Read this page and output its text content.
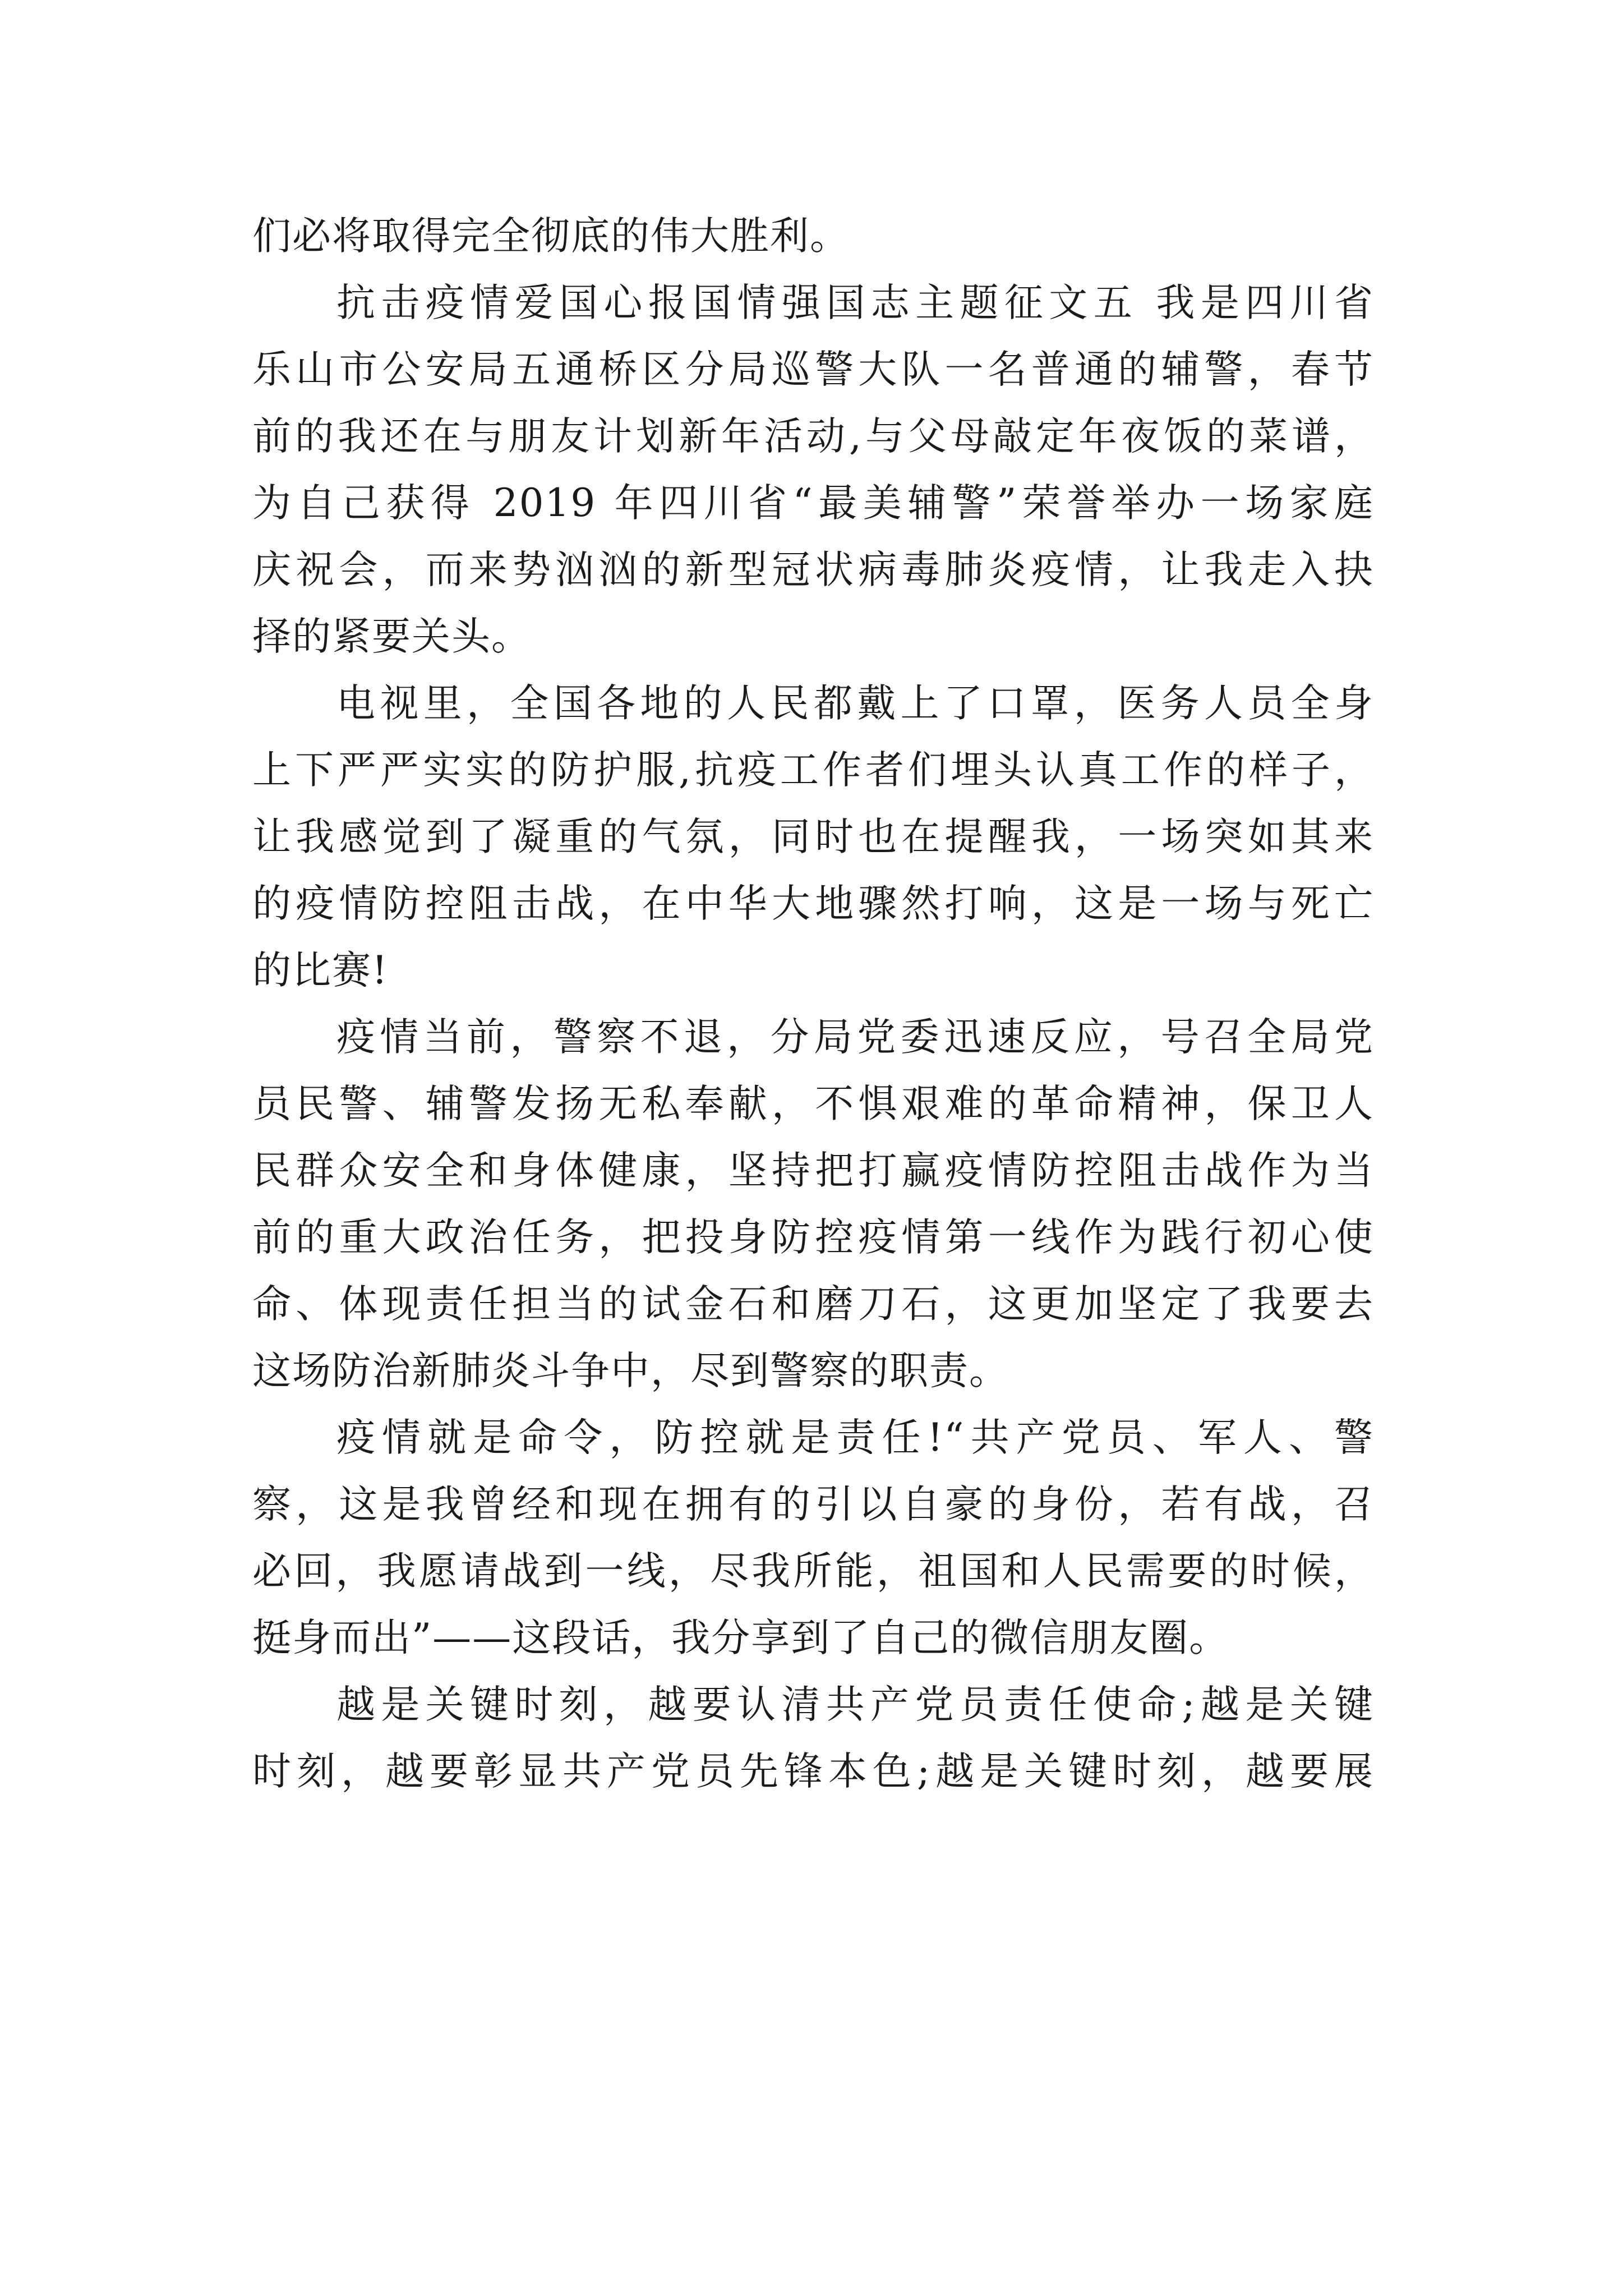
们必将取得完全彻底的伟大胜利。
抗击疫情爱国心报国情强国志主题征文五 我是四川省
乐山市公安局五通桥区分局巡警大队一名普通的辅警，春节
前的我还在与朋友计划新年活动,与父母敲定年夜饭的菜谱，
为自己获得 2019 年四川省“最美辅警”荣誉举办一场家庭
庆祝会，而来势汹汹的新型冠状病毒肺炎疫情，让我走入抉
择的紧要关头。
电视里，全国各地的人民都戴上了口罩，医务人员全身
上下严严实实的防护服,抗疫工作者们埋头认真工作的样子，
让我感觉到了凝重的气氛，同时也在提醒我，一场突如其来
的疫情防控阻击战，在中华大地骤然打响，这是一场与死亡
的比赛!
疫情当前，警察不退，分局党委迅速反应，号召全局党
员民警、辅警发扬无私奉献，不惧艰难的革命精神，保卫人
民群众安全和身体健康，坚持把打赢疫情防控阻击战作为当
前的重大政治任务，把投身防控疫情第一线作为践行初心使
命、体现责任担当的试金石和磨刀石，这更加坚定了我要去
这场防治新肺炎斗争中，尽到警察的职责。
疫情就是命令，防控就是责任!“共产党员、军人、警
察，这是我曾经和现在拥有的引以自豪的身份，若有战，召
必回，我愿请战到一线，尽我所能，祖国和人民需要的时候，
挺身而出”——这段话，我分享到了自己的微信朋友圈。
越是关键时刻，越要认清共产党员责任使命;越是关键
时刻，越要彰显共产党员先锋本色;越是关键时刻，越要展
